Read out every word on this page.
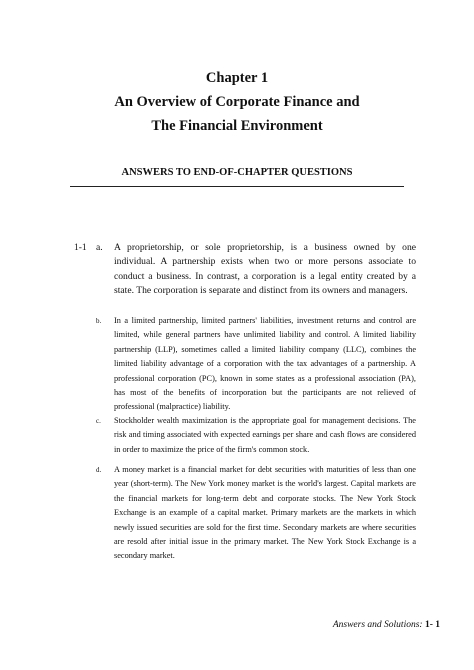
Chapter 1
An Overview of Corporate Finance and
The Financial Environment
ANSWERS TO END-OF-CHAPTER QUESTIONS
1-1 a.	A proprietorship, or sole proprietorship, is a business owned by one individual. A partnership exists when two or more persons associate to conduct a business. In contrast, a corporation is a legal entity created by a state. The corporation is separate and distinct from its owners and managers.
b.	In a limited partnership, limited partners' liabilities, investment returns and control are limited, while general partners have unlimited liability and control. A limited liability partnership (LLP), sometimes called a limited liability company (LLC), combines the limited liability advantage of a corporation with the tax advantages of a partnership. A professional corporation (PC), known in some states as a professional association (PA), has most of the benefits of incorporation but the participants are not relieved of professional (malpractice) liability.
c.	Stockholder wealth maximization is the appropriate goal for management decisions. The risk and timing associated with expected earnings per share and cash flows are considered in order to maximize the price of the firm's common stock.
d.	A money market is a financial market for debt securities with maturities of less than one year (short-term). The New York money market is the world's largest. Capital markets are the financial markets for long-term debt and corporate stocks. The New York Stock Exchange is an example of a capital market. Primary markets are the markets in which newly issued securities are sold for the first time. Secondary markets are where securities are resold after initial issue in the primary market. The New York Stock Exchange is a secondary market.
Answers and Solutions: 1- 1
